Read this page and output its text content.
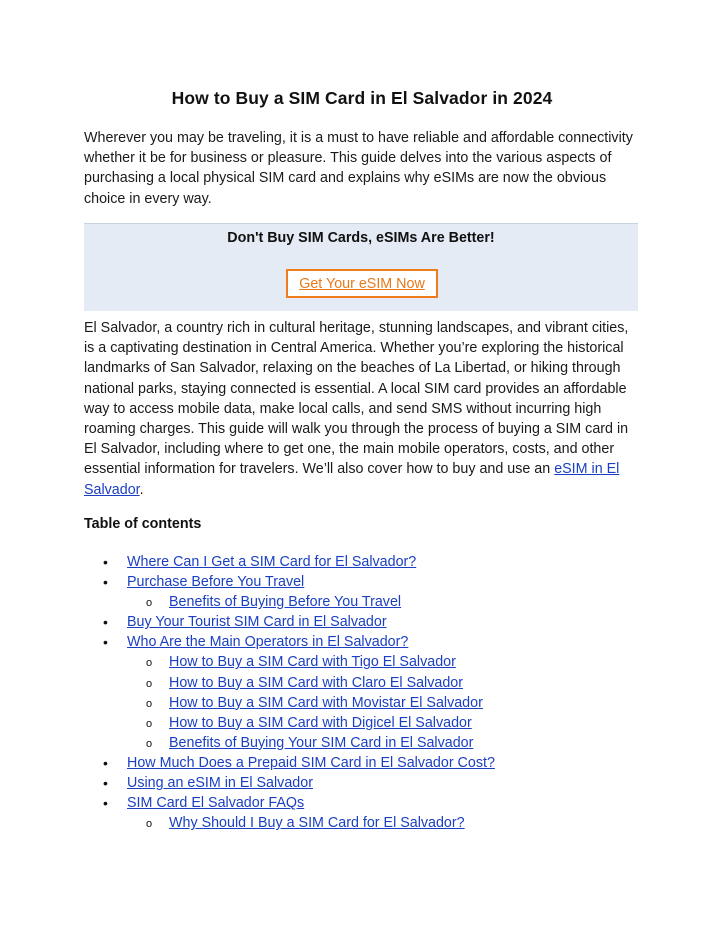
How to Buy a SIM Card in El Salvador in 2024

Wherever you may be traveling, it is a must to have reliable and affordable connectivity whether it be for business or pleasure. This guide delves into the various aspects of purchasing a local physical SIM card and explains why eSIMs are now the obvious choice in every way.

Don't Buy SIM Cards, eSIMs Are Better!
Get Your eSIM Now

El Salvador, a country rich in cultural heritage, stunning landscapes, and vibrant cities, is a captivating destination in Central America. Whether you’re exploring the historical landmarks of San Salvador, relaxing on the beaches of La Libertad, or hiking through national parks, staying connected is essential. A local SIM card provides an affordable way to access mobile data, make local calls, and send SMS without incurring high roaming charges. This guide will walk you through the process of buying a SIM card in El Salvador, including where to get one, the main mobile operators, costs, and other essential information for travelers. We’ll also cover how to buy and use an eSIM in El Salvador.

Table of contents
• Where Can I Get a SIM Card for El Salvador?
• Purchase Before You Travel
o Benefits of Buying Before You Travel
• Buy Your Tourist SIM Card in El Salvador
• Who Are the Main Operators in El Salvador?
o How to Buy a SIM Card with Tigo El Salvador
o How to Buy a SIM Card with Claro El Salvador
o How to Buy a SIM Card with Movistar El Salvador
o How to Buy a SIM Card with Digicel El Salvador
o Benefits of Buying Your SIM Card in El Salvador
• How Much Does a Prepaid SIM Card in El Salvador Cost?
• Using an eSIM in El Salvador
• SIM Card El Salvador FAQs
o Why Should I Buy a SIM Card for El Salvador?
